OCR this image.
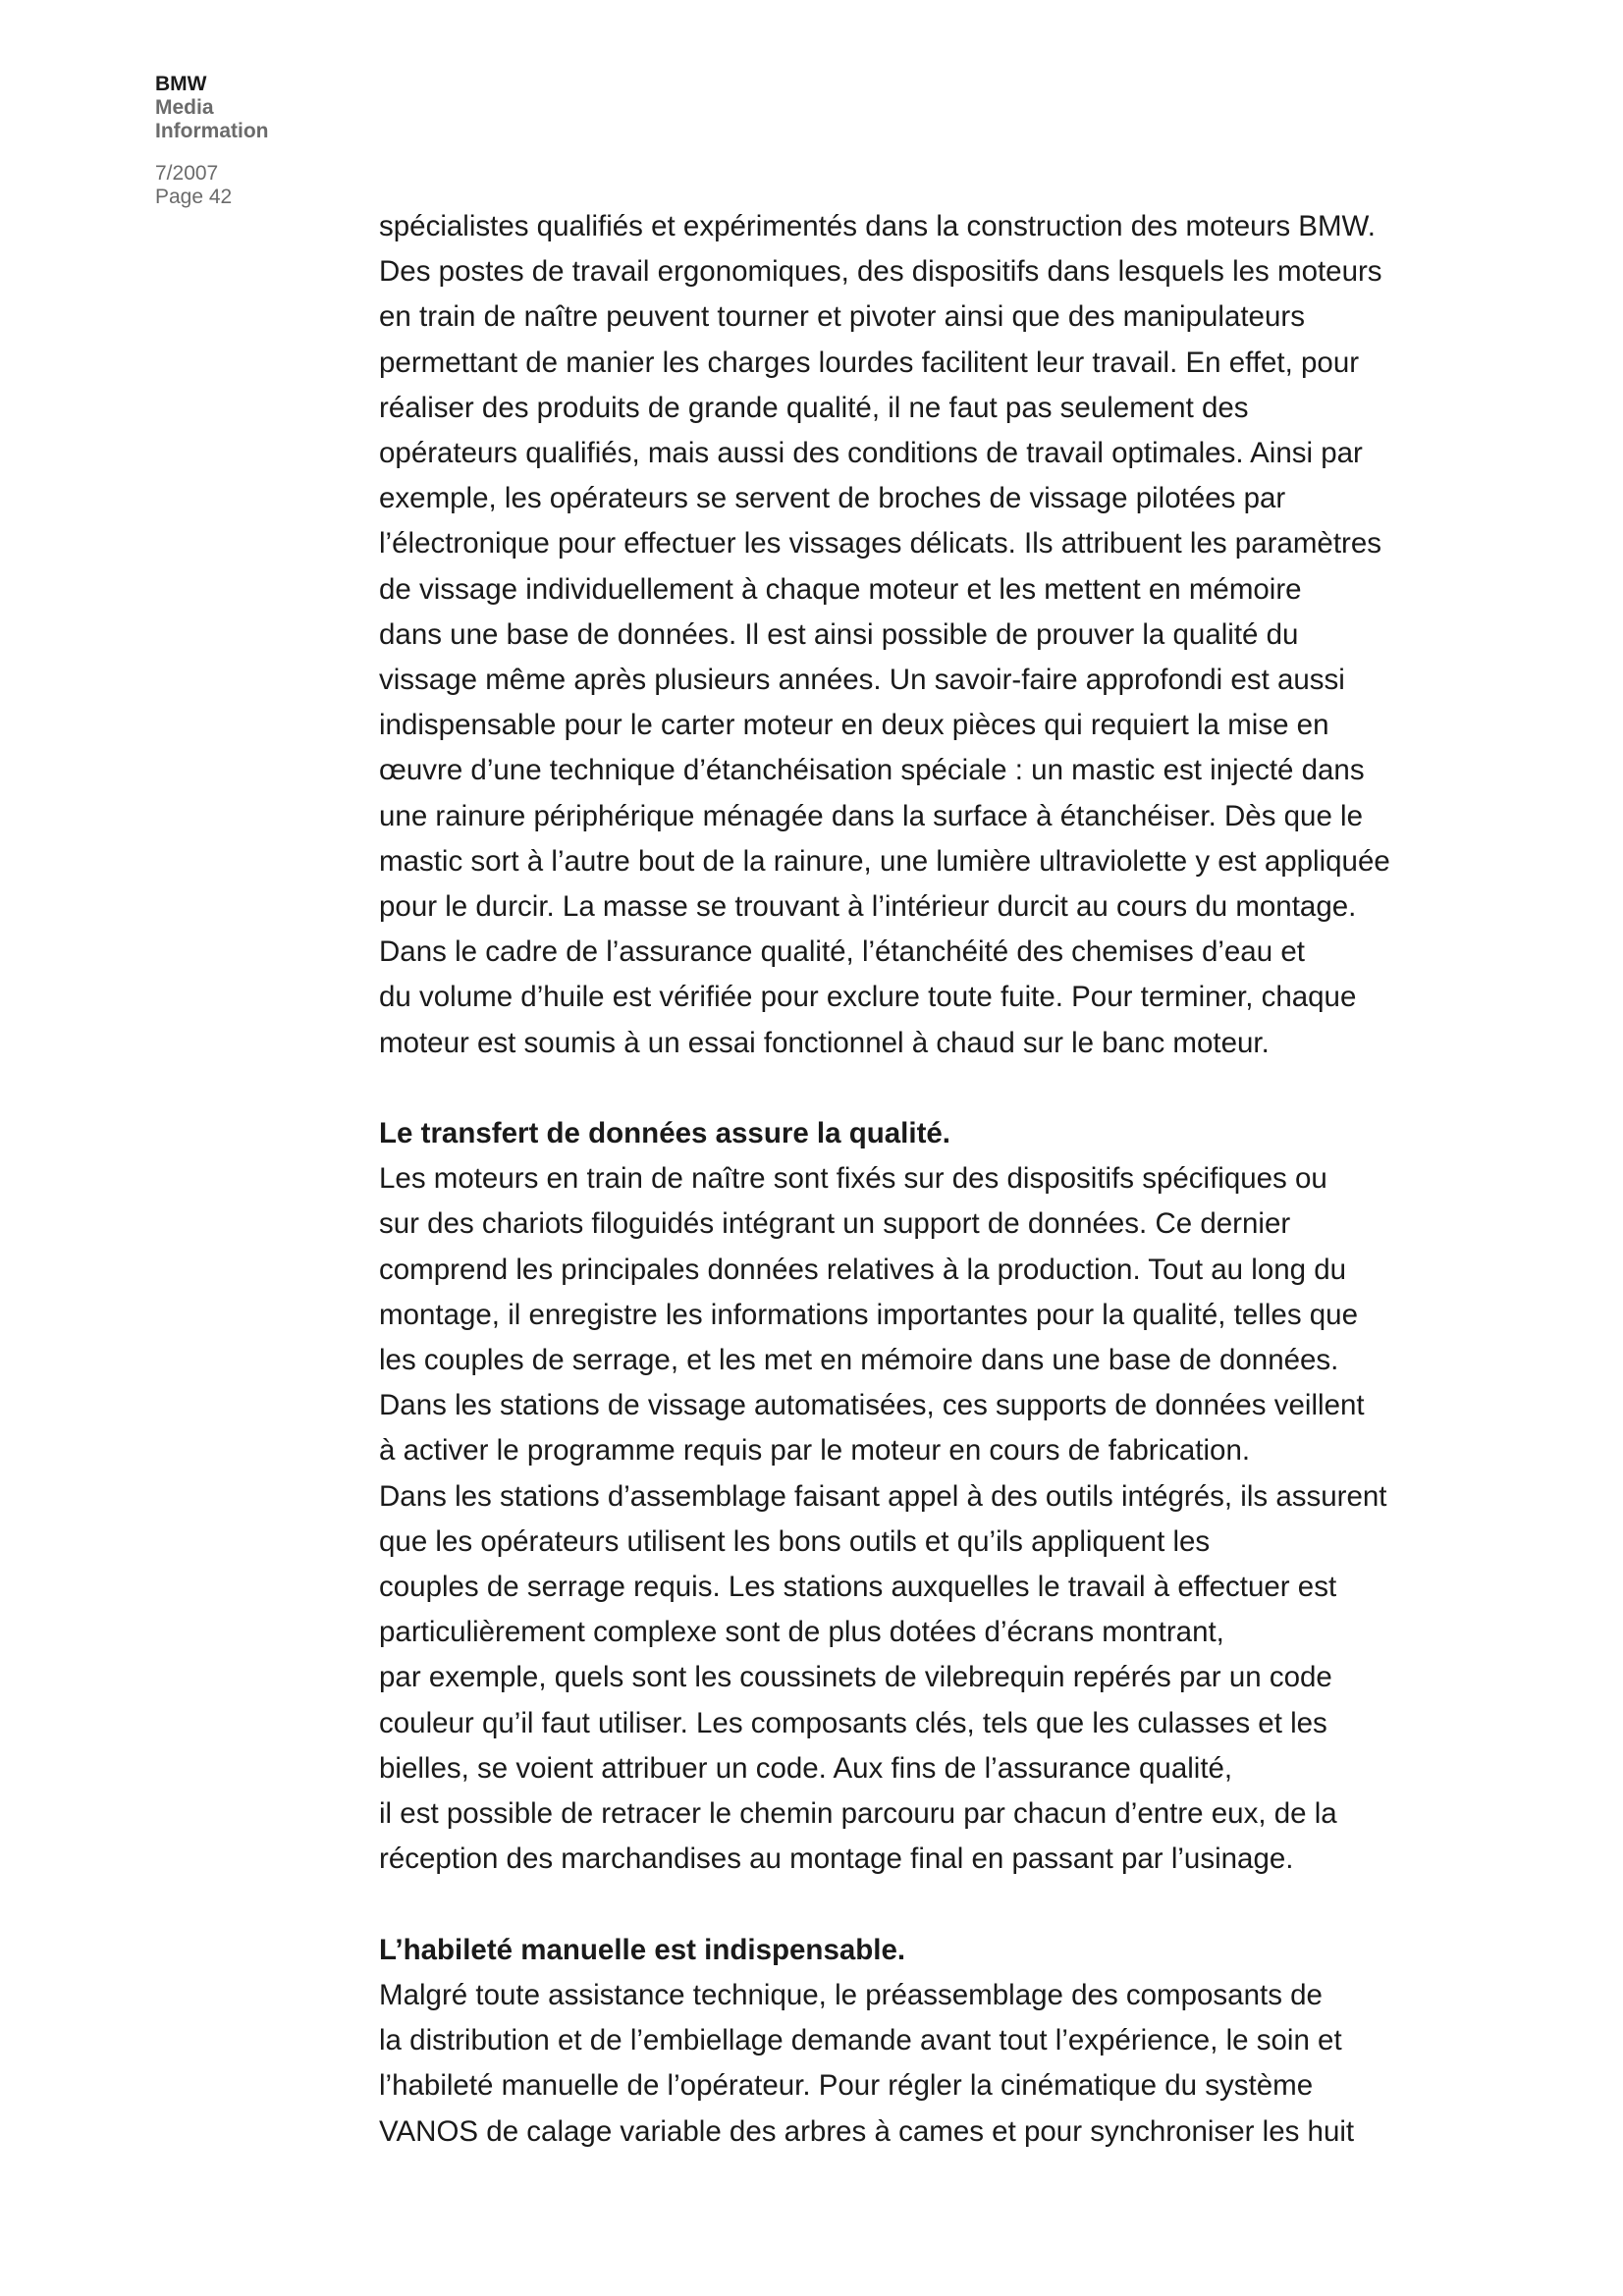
BMW
Media
Information
7/2007
Page 42
spécialistes qualifiés et expérimentés dans la construction des moteurs BMW.
Des postes de travail ergonomiques, des dispositifs dans lesquels les moteurs
en train de naître peuvent tourner et pivoter ainsi que des manipulateurs
permettant de manier les charges lourdes facilitent leur travail. En effet, pour
réaliser des produits de grande qualité, il ne faut pas seulement des
opérateurs qualifiés, mais aussi des conditions de travail optimales. Ainsi par
exemple, les opérateurs se servent de broches de vissage pilotées par
l’électronique pour effectuer les vissages délicats. Ils attribuent les paramètres
de vissage individuellement à chaque moteur et les mettent en mémoire
dans une base de données. Il est ainsi possible de prouver la qualité du
vissage même après plusieurs années. Un savoir-faire approfondi est aussi
indispensable pour le carter moteur en deux pièces qui requiert la mise en
œuvre d’une technique d’étanchéisation spéciale : un mastic est injecté dans
une rainure périphérique ménagée dans la surface à étanchéiser. Dès que le
mastic sort à l’autre bout de la rainure, une lumière ultraviolette y est appliquée
pour le durcir. La masse se trouvant à l’intérieur durcit au cours du montage.
Dans le cadre de l’assurance qualité, l’étanchéité des chemises d’eau et
du volume d’huile est vérifiée pour exclure toute fuite. Pour terminer, chaque
moteur est soumis à un essai fonctionnel à chaud sur le banc moteur.
Le transfert de données assure la qualité.
Les moteurs en train de naître sont fixés sur des dispositifs spécifiques ou
sur des chariots filoguidés intégrant un support de données. Ce dernier
comprend les principales données relatives à la production. Tout au long du
montage, il enregistre les informations importantes pour la qualité, telles que
les couples de serrage, et les met en mémoire dans une base de données.
Dans les stations de vissage automatisées, ces supports de données veillent
à activer le programme requis par le moteur en cours de fabrication.
Dans les stations d’assemblage faisant appel à des outils intégrés, ils assurent
que les opérateurs utilisent les bons outils et qu’ils appliquent les
couples de serrage requis. Les stations auxquelles le travail à effectuer est
particulièrement complexe sont de plus dotées d’écrans montrant,
par exemple, quels sont les coussinets de vilebrequin repérés par un code
couleur qu’il faut utiliser. Les composants clés, tels que les culasses et les
bielles, se voient attribuer un code. Aux fins de l’assurance qualité,
il est possible de retracer le chemin parcouru par chacun d’entre eux, de la
réception des marchandises au montage final en passant par l’usinage.
L’habileté manuelle est indispensable.
Malgré toute assistance technique, le préassemblage des composants de
la distribution et de l’embiellage demande avant tout l’expérience, le soin et
l’habileté manuelle de l’opérateur. Pour régler la cinématique du système
VANOS de calage variable des arbres à cames et pour synchroniser les huit
